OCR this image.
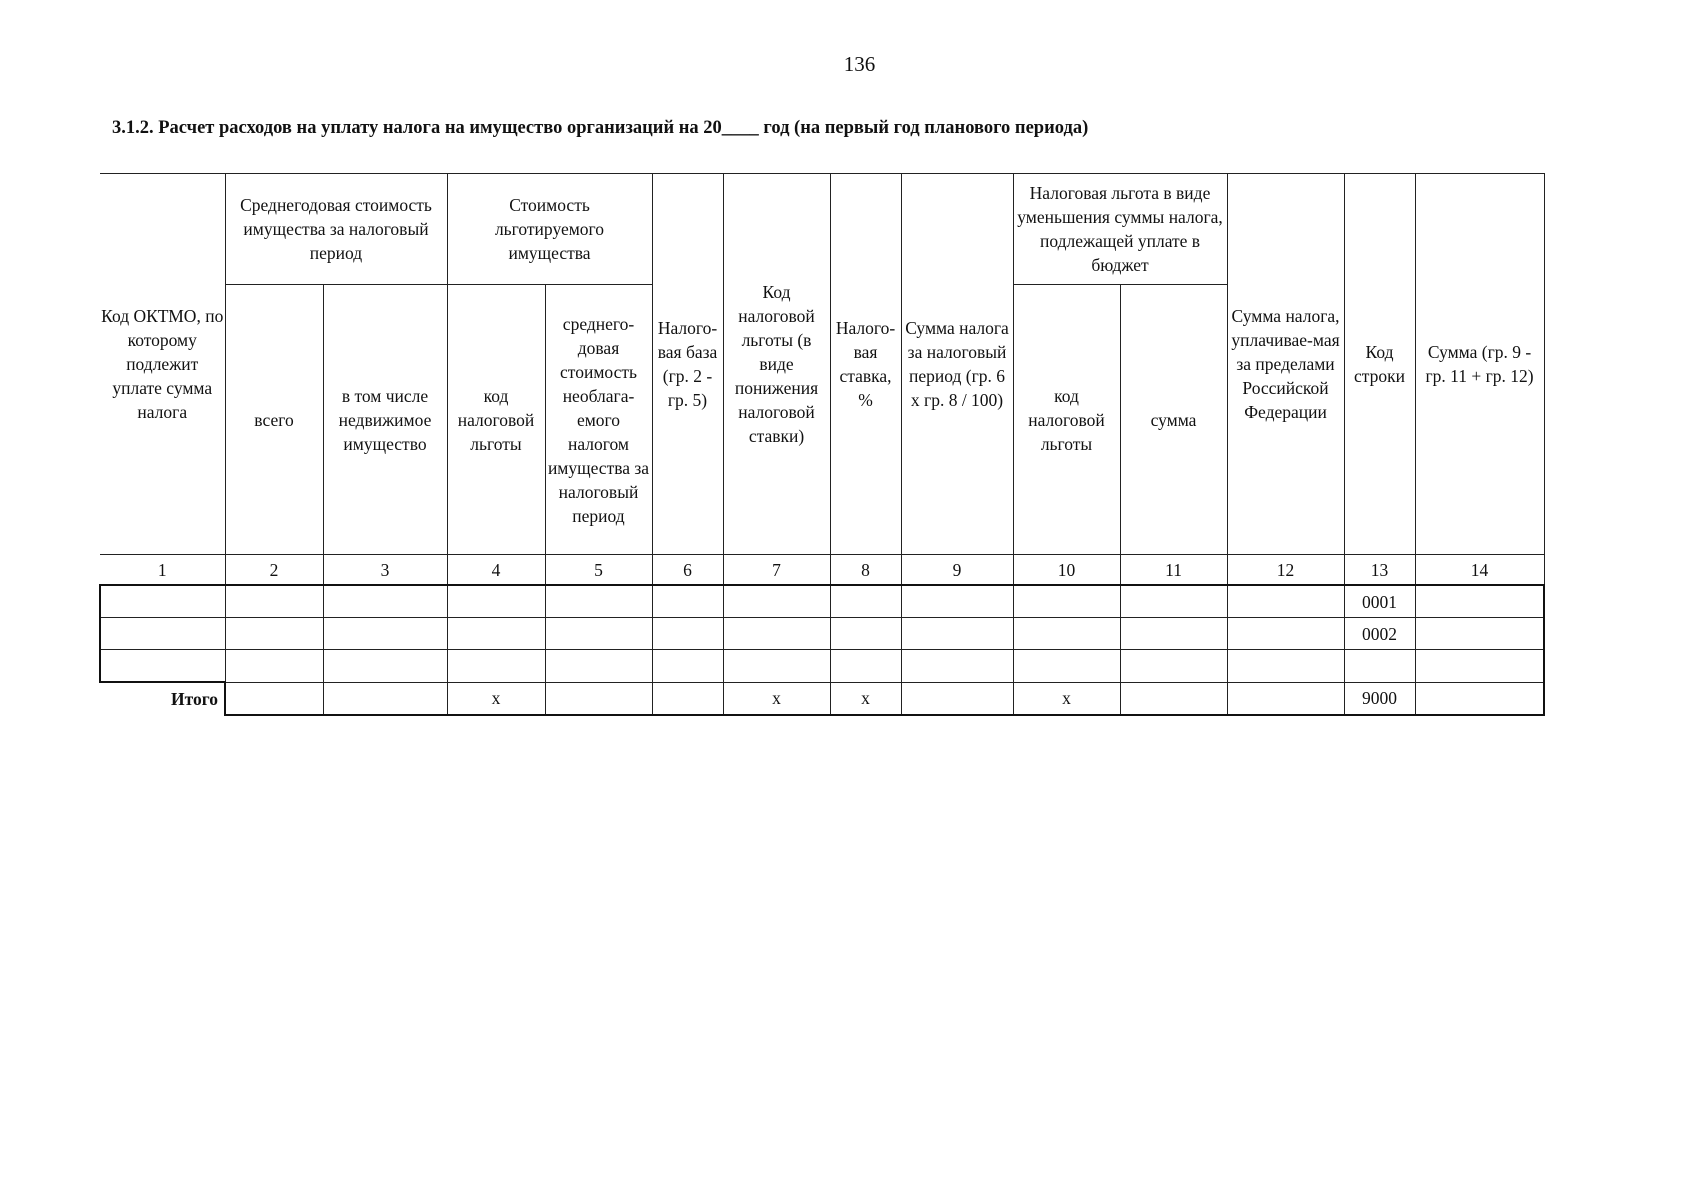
136
3.1.2. Расчет расходов на уплату налога на имущество организаций на 20____ год (на первый год планового периода)
Код ОКТМО, по которому подлежит уплате сумма налога	Среднегодовая стоимость имущества за налоговый период		Стоимость льготируемого имущества		Налого-вая база (гр. 2 - гр. 5)	Код налоговой льготы (в виде понижения налоговой ставки)	Налого-вая ставка, %	Сумма налога за налоговый период (гр. 6 х гр. 8 / 100)	Налоговая льгота в виде уменьшения суммы налога, подлежащей уплате в бюджет		Сумма налога, уплачивае-мая за пределами Российской Федерации	Код строки	Сумма (гр. 9 - гр. 11 + гр. 12)
	всего	в том числе недвижимое имущество	код налоговой льготы	среднего-довая стоимость необлага-емого налогом имущества за налоговый период					код налоговой льготы	сумма			
1	2	3	4	5	6	7	8	9	10	11	12	13	14
												0001	
												0002	

Итого			x			x	x		x			9000	
